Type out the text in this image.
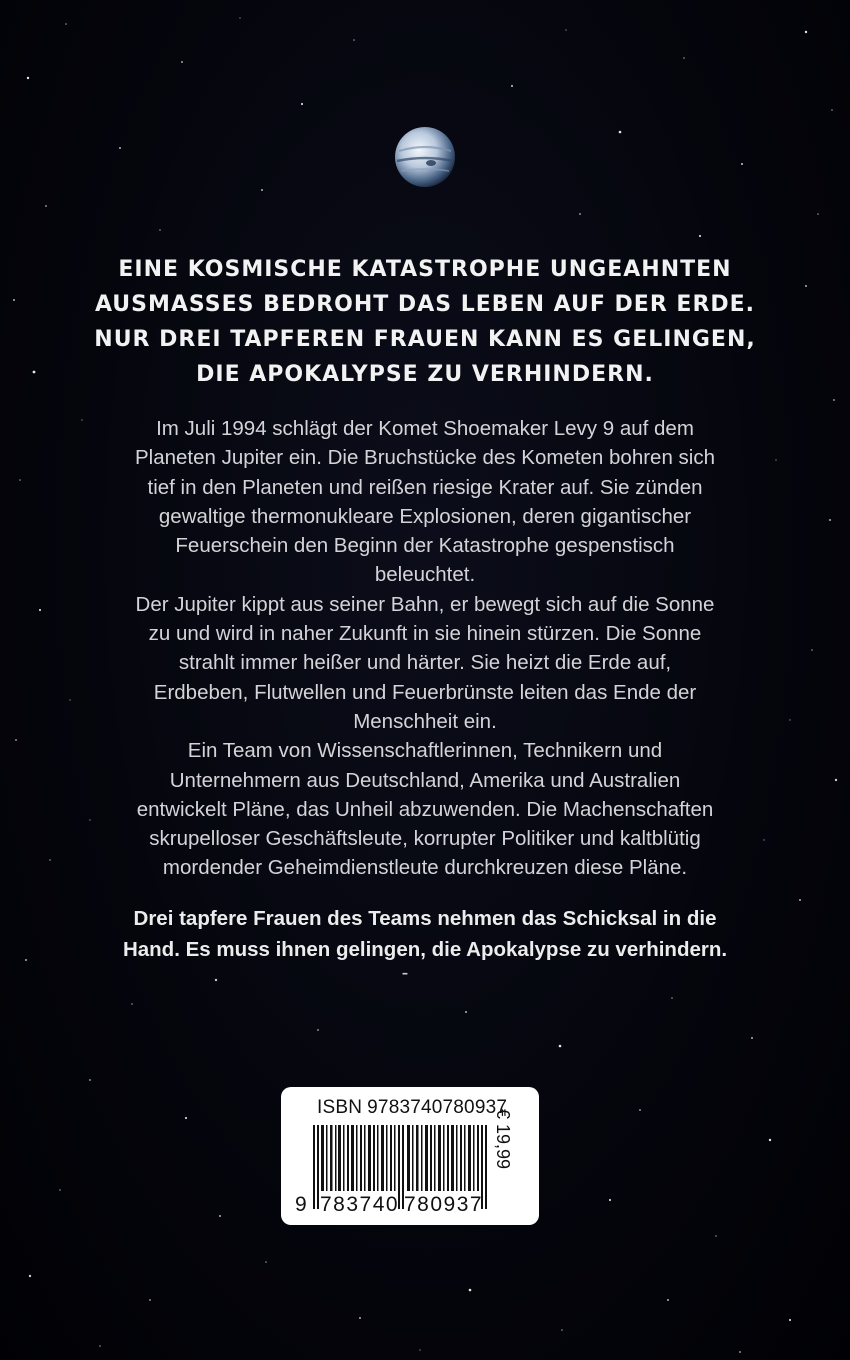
EINE KOSMISCHE KATASTROPHE UNGEAHNTEN
AUSMASSES BEDROHT DAS LEBEN AUF DER ERDE.
NUR DREI TAPFEREN FRAUEN KANN ES GELINGEN,
DIE APOKALYPSE ZU VERHINDERN.
Im Juli 1994 schlägt der Komet Shoemaker Levy 9 auf dem
Planeten Jupiter ein. Die Bruchstücke des Kometen bohren sich
tief in den Planeten und reißen riesige Krater auf. Sie zünden
gewaltige thermonukleare Explosionen, deren gigantischer
Feuerschein den Beginn der Katastrophe gespenstisch
beleuchtet.
Der Jupiter kippt aus seiner Bahn, er bewegt sich auf die Sonne
zu und wird in naher Zukunft in sie hinein stürzen. Die Sonne
strahlt immer heißer und härter. Sie heizt die Erde auf,
Erdbeben, Flutwellen und Feuerbrünste leiten das Ende der
Menschheit ein.
Ein Team von Wissenschaftlerinnen, Technikern und
Unternehmern aus Deutschland, Amerika und Australien
entwickelt Pläne, das Unheil abzuwenden. Die Machenschaften
skrupelloser Geschäftsleute, korrupter Politiker und kaltblütig
mordender Geheimdienstleute durchkreuzen diese Pläne.
Drei tapfere Frauen des Teams nehmen das Schicksal in die
Hand. Es muss ihnen gelingen, die Apokalypse zu verhindern.
-
ISBN 9783740780937
9 783740 780937
€ 19,99
